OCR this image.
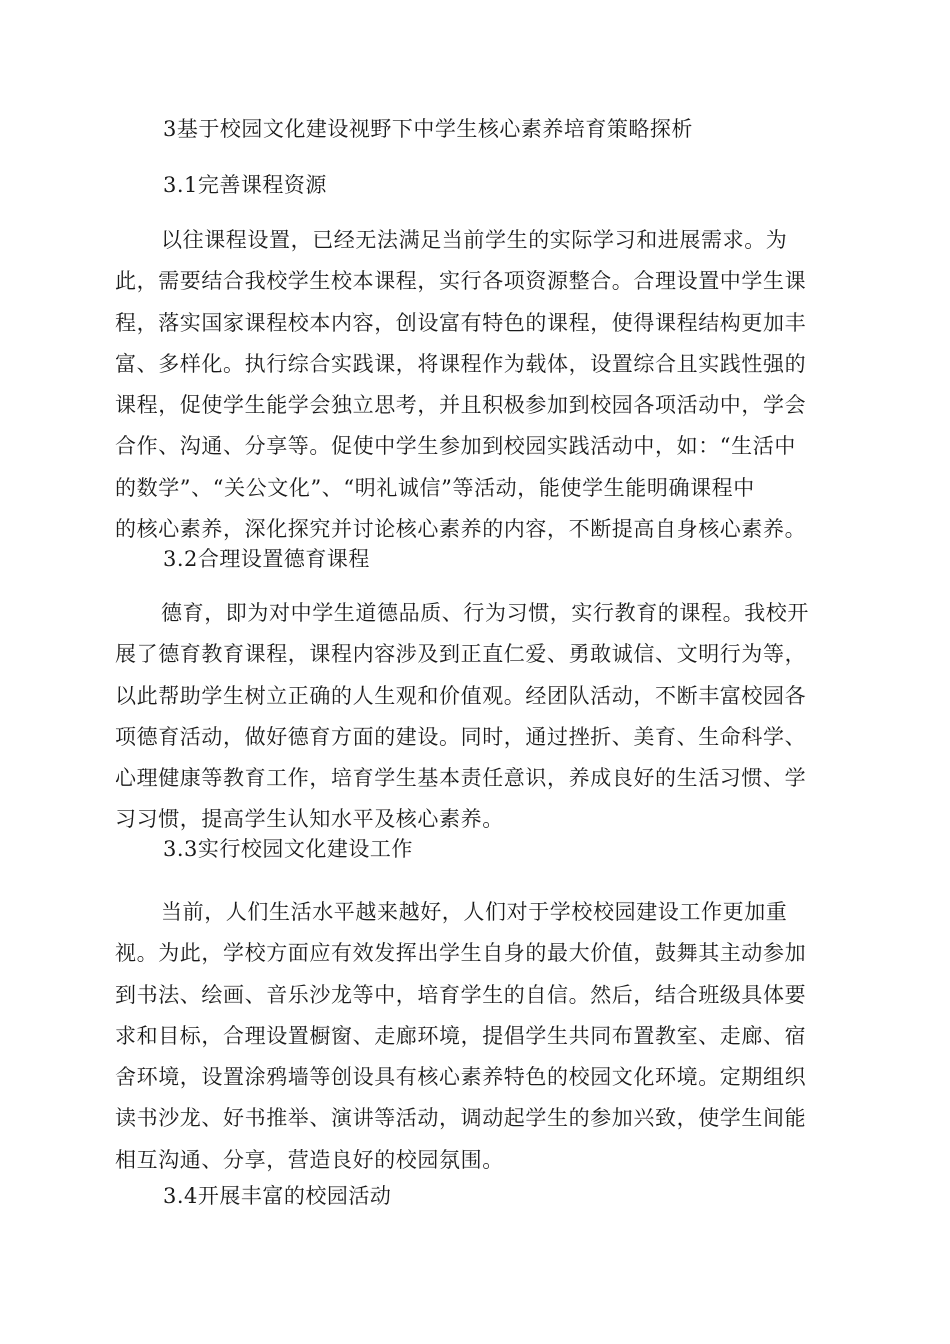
3基于校园文化建设视野下中学生核心素养培育策略探析
3.1完善课程资源
以往课程设置，已经无法满足当前学生的实际学习和进展需求。为
此，需要结合我校学生校本课程，实行各项资源整合。合理设置中学生课
程，落实国家课程校本内容，创设富有特色的课程，使得课程结构更加丰
富、多样化。执行综合实践课，将课程作为载体，设置综合且实践性强的
课程，促使学生能学会独立思考，并且积极参加到校园各项活动中，学会
合作、沟通、分享等。促使中学生参加到校园实践活动中，如：“生活中
的数学”、“关公文化”、“明礼诚信”等活动，能使学生能明确课程中
的核心素养，深化探究并讨论核心素养的内容，不断提高自身核心素养。
3.2合理设置德育课程
德育，即为对中学生道德品质、行为习惯，实行教育的课程。我校开
展了德育教育课程，课程内容涉及到正直仁爱、勇敢诚信、文明行为等，
以此帮助学生树立正确的人生观和价值观。经团队活动，不断丰富校园各
项德育活动，做好德育方面的建设。同时，通过挫折、美育、生命科学、
心理健康等教育工作，培育学生基本责任意识，养成良好的生活习惯、学
习习惯，提高学生认知水平及核心素养。
3.3实行校园文化建设工作
当前，人们生活水平越来越好，人们对于学校校园建设工作更加重
视。为此，学校方面应有效发挥出学生自身的最大价值，鼓舞其主动参加
到书法、绘画、音乐沙龙等中，培育学生的自信。然后，结合班级具体要
求和目标，合理设置橱窗、走廊环境，提倡学生共同布置教室、走廊、宿
舍环境，设置涂鸦墙等创设具有核心素养特色的校园文化环境。定期组织
读书沙龙、好书推举、演讲等活动，调动起学生的参加兴致，使学生间能
相互沟通、分享，营造良好的校园氛围。
3.4开展丰富的校园活动
